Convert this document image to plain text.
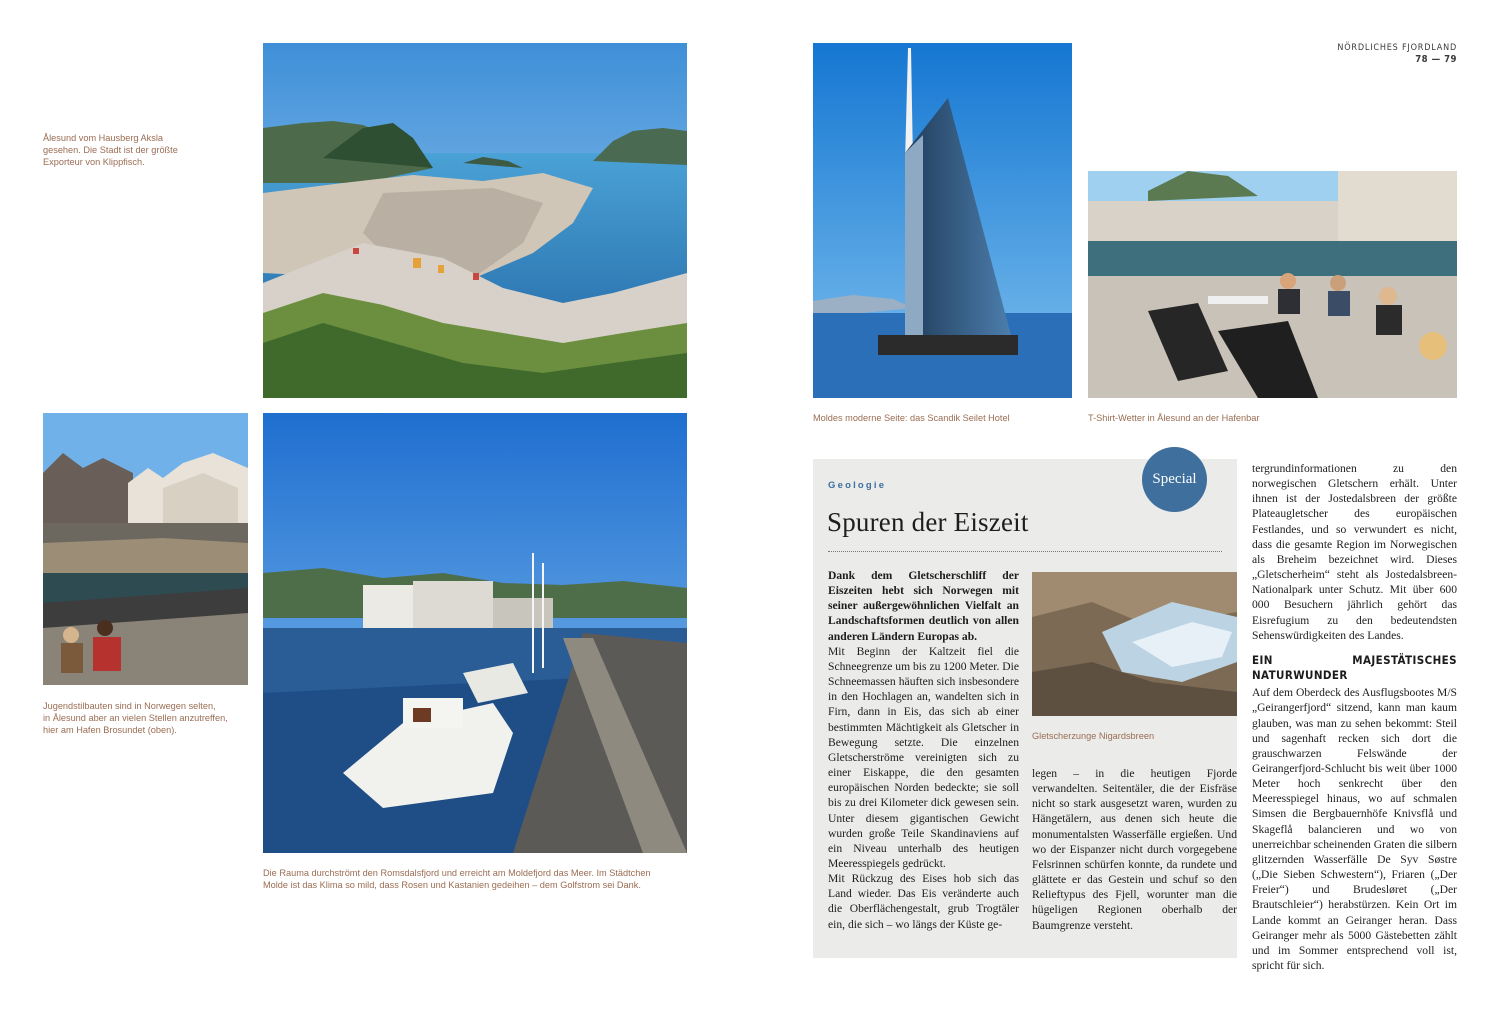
NÖRDLICHES FJORDLAND
78 — 79
Ålesund vom Hausberg Aksla
gesehen. Die Stadt ist der größte
Exporteur von Klippfisch.
Jugendstilbauten sind in Norwegen selten,
in Ålesund aber an vielen Stellen anzutreffen,
hier am Hafen Brosundet (oben).
Die Rauma durchströmt den Romsdalsfjord und erreicht am Moldefjord das Meer. Im Städtchen
Molde ist das Klima so mild, dass Rosen und Kastanien gedeihen – dem Golfstrom sei Dank.
Moldes moderne Seite: das Scandik Seilet Hotel	T-Shirt-Wetter in Ålesund an der Hafenbar
Geologie	Special
Spuren der Eiszeit

Dank dem Gletscherschliff der Eiszeiten hebt sich Norwegen mit seiner außergewöhnlichen Vielfalt an Landschaftsformen deutlich von allen anderen Ländern Europas ab.

Mit Beginn der Kaltzeit fiel die Schneegrenze um bis zu 1200 Meter. Die Schneemassen häuften sich insbesondere in den Hochlagen an, wandelten sich in Firn, dann in Eis, das sich ab einer bestimmten Mächtigkeit als Gletscher in Bewegung setzte. Die einzelnen Gletscherströme vereinigten sich zu einer Eiskappe, die den gesamten europäischen Norden bedeckte; sie soll bis zu drei Kilometer dick gewesen sein. Unter diesem gigantischen Gewicht wurden große Teile Skandinaviens auf ein Niveau unterhalb des heutigen Meeresspiegels gedrückt.

Mit Rückzug des Eises hob sich das Land wieder. Das Eis veränderte auch die Oberflächengestalt, grub Trogtäler ein, die sich – wo längs der Küste ge-

Gletscherzunge Nigardsbreen

legen – in die heutigen Fjorde verwandelten. Seitentäler, die der Eisfräse nicht so stark ausgesetzt waren, wurden zu Hängetälern, aus denen sich heute die monumentalsten Wasserfälle ergießen. Und wo der Eispanzer nicht durch vorgegebene Felsrinnen schürfen konnte, da rundete und glättete er das Gestein und schuf so den Relieftypus des Fjell, worunter man die hügeligen Regionen oberhalb der Baumgrenze versteht.

tergrundinformationen zu den norwegischen Gletschern erhält. Unter ihnen ist der Jostedalsbreen der größte Plateaugletscher des europäischen Festlandes, und so verwundert es nicht, dass die gesamte Region im Norwegischen als Breheim bezeichnet wird. Dieses „Gletscherheim“ steht als Jostedalsbreen-Nationalpark unter Schutz. Mit über 600 000 Besuchern jährlich gehört das Eisrefugium zu den bedeutendsten Sehenswürdigkeiten des Landes.

EIN MAJESTÄTISCHES NATURWUNDER

Auf dem Oberdeck des Ausflugsbootes M/S „Geirangerfjord“ sitzend, kann man kaum glauben, was man zu sehen bekommt: Steil und sagenhaft recken sich dort die grauschwarzen Felswände der Geirangerfjord-Schlucht bis weit über 1000 Meter hoch senkrecht über den Meeresspiegel hinaus, wo auf schmalen Simsen die Bergbauernhöfe Knivsflå und Skageflå balancieren und wo von unerreichbar scheinenden Graten die silbern glitzernden Wasserfälle De Syv Søstre („Die Sieben Schwestern“), Friaren („Der Freier“) und Brudesløret („Der Brautschleier“) herabstürzen. Kein Ort im Lande kommt an Geiranger heran. Dass Geiranger mehr als 5000 Gästebetten zählt und im Sommer entsprechend voll ist, spricht für sich.
